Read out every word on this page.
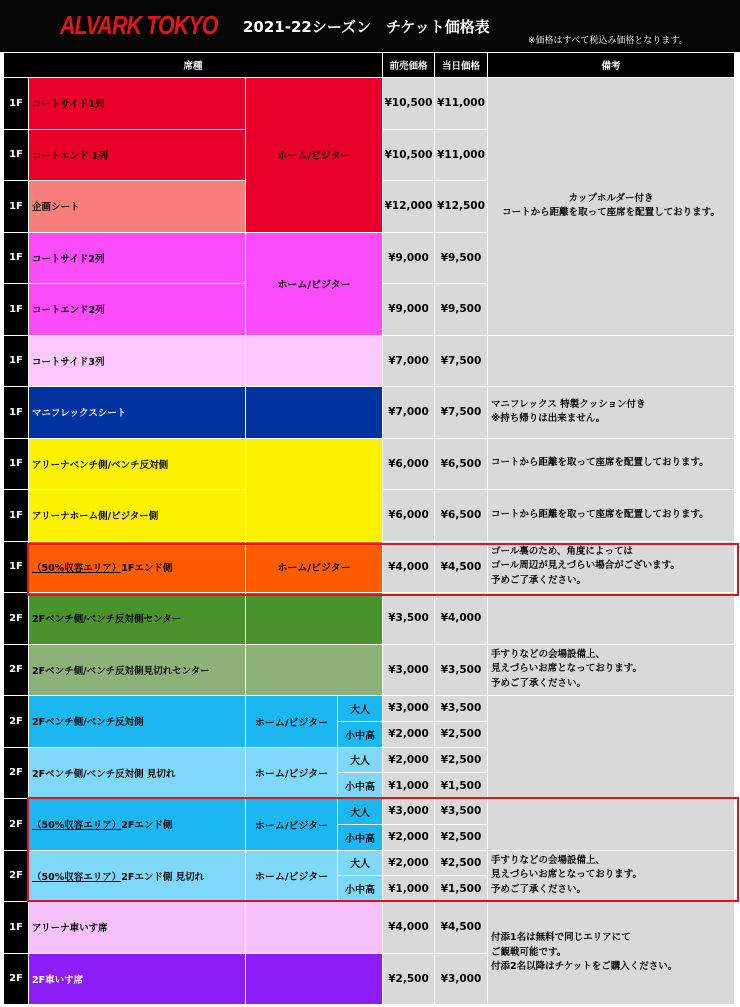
ALVARK TOKYO 2021-22シーズン　チケット価格表
※価格はすべて税込み価格となります。
席種				前売価格	当日価格	備考
1F	コートサイド1列	ホーム/ビジター		¥10,500	¥11,000	カップホルダー付き
コートから距離を取って座席を配置しております。
1F	コートエンド 1列			¥10,500	¥11,000	
1F	企画シート			¥12,000	¥12,500	
1F	コートサイド2列	ホーム/ビジター		¥9,000	¥9,500	
1F	コートエンド2列			¥9,000	¥9,500	
1F	コートサイド3列			¥7,000	¥7,500	
1F	マニフレックスシート			¥7,000	¥7,500	マニフレックス 特製クッション付き
※持ち帰りは出来ません。
1F	アリーナベンチ側/ベンチ反対側			¥6,000	¥6,500	コートから距離を取って座席を配置しております。
1F	アリーナホーム側/ビジター側			¥6,000	¥6,500	コートから距離を取って座席を配置しております。
1F	（50%収容エリア）1Fエンド側	ホーム/ビジター		¥4,000	¥4,500	ゴール裏のため、角度によっては
ゴール周辺が見えづらい場合がございます。
予めご了承ください。
2F	2Fベンチ側/ベンチ反対側センター			¥3,500	¥4,000	
2F	2Fベンチ側/ベンチ反対側見切れセンター			¥3,000	¥3,500	手すりなどの会場設備上、
見えづらいお席となっております。
予めご了承ください。
2F	2Fベンチ側/ベンチ反対側	ホーム/ビジター	大人	¥3,000	¥3,500	
			小中高	¥2,000	¥2,500	
2F	2Fベンチ側/ベンチ反対側 見切れ	ホーム/ビジター	大人	¥2,000	¥2,500	
			小中高	¥1,000	¥1,500	
2F	（50%収容エリア）2Fエンド側	ホーム/ビジター	大人	¥3,000	¥3,500	
			小中高	¥2,000	¥2,500	
2F	（50%収容エリア）2Fエンド側 見切れ	ホーム/ビジター	大人	¥2,000	¥2,500	手すりなどの会場設備上、
見えづらいお席となっております。
予めご了承ください。
			小中高	¥1,000	¥1,500	
1F	アリーナ車いす席			¥4,000	¥4,500	付添1名は無料で同じエリアにて
ご観戦可能です。
付添2名以降はチケットをご購入ください。
2F	2F車いす席			¥2,500	¥3,000	
